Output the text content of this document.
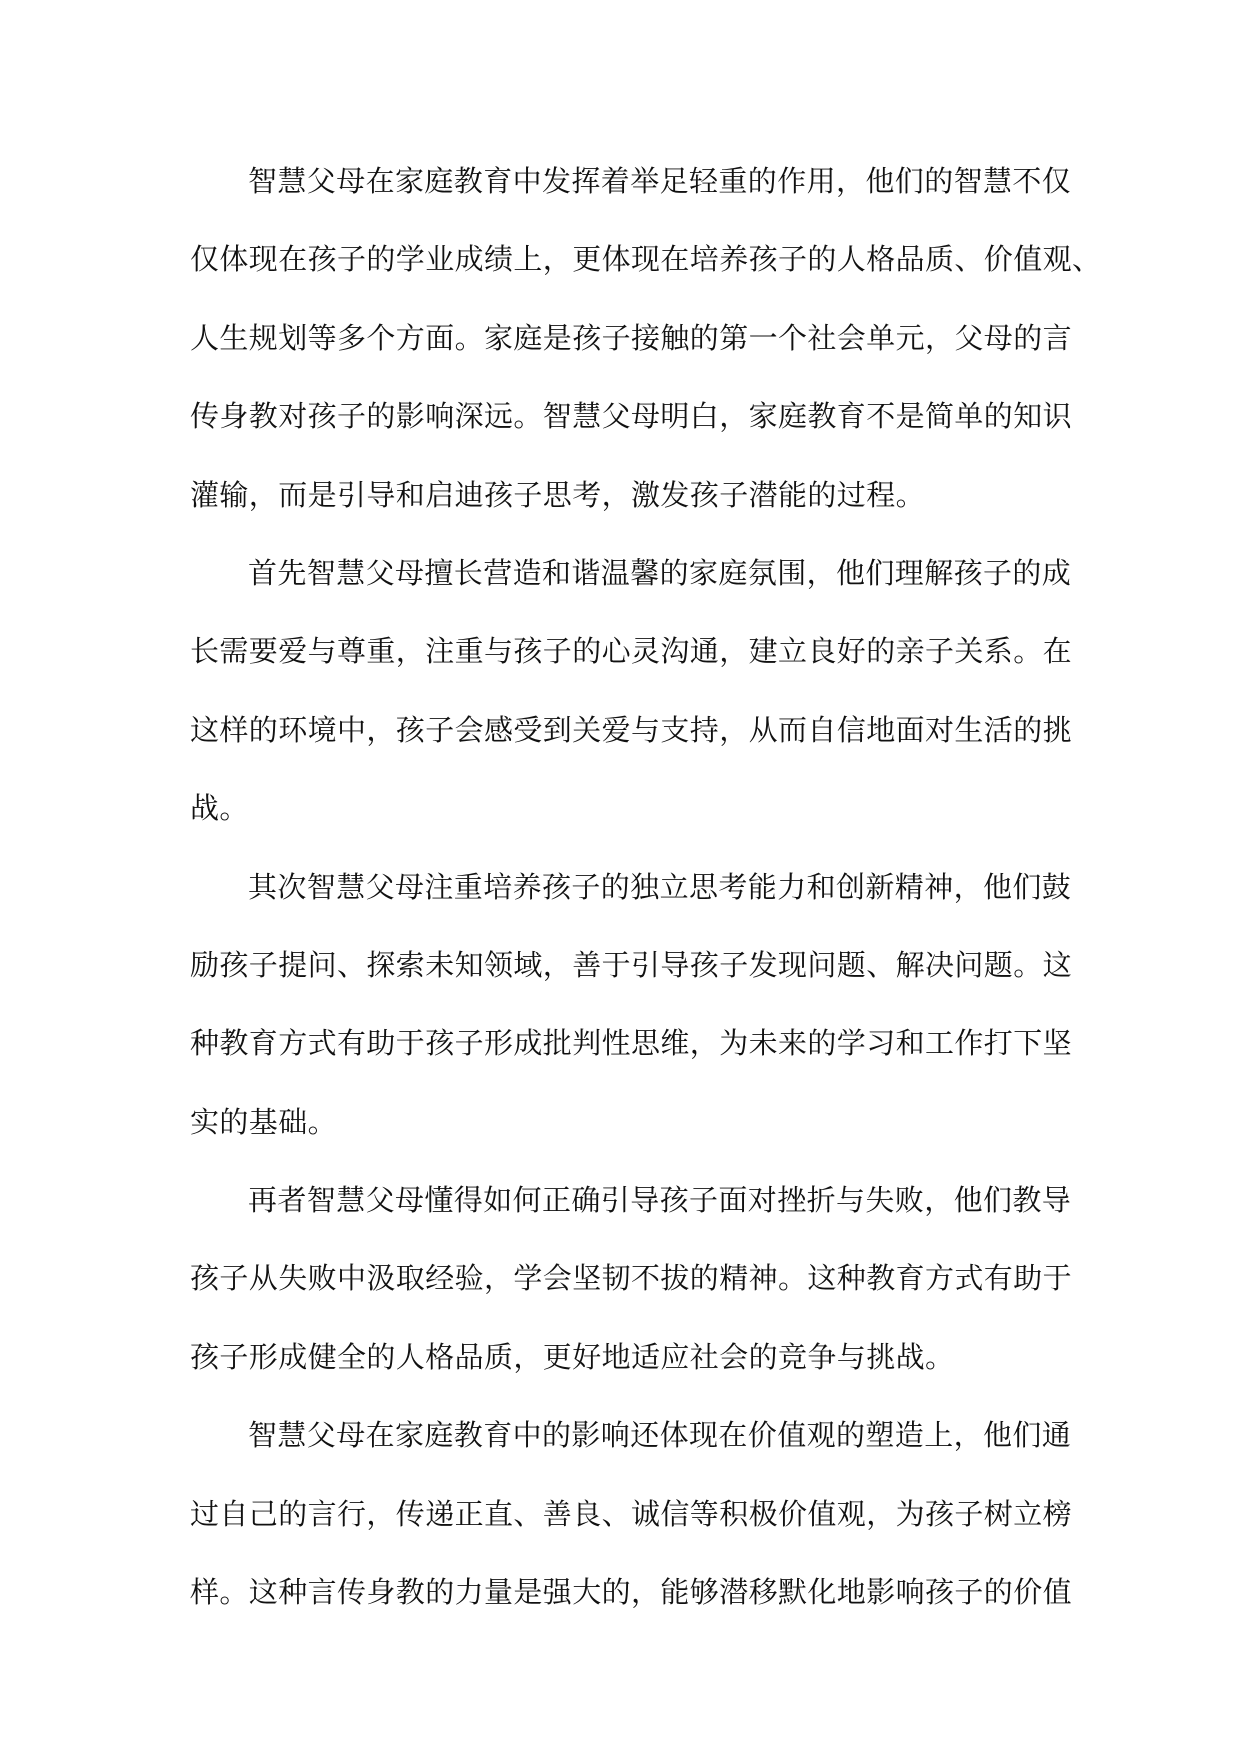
智慧父母在家庭教育中发挥着举足轻重的作用，他们的智慧不仅
仅体现在孩子的学业成绩上，更体现在培养孩子的人格品质、价值观、
人生规划等多个方面。家庭是孩子接触的第一个社会单元，父母的言
传身教对孩子的影响深远。智慧父母明白，家庭教育不是简单的知识
灌输，而是引导和启迪孩子思考，激发孩子潜能的过程。
首先智慧父母擅长营造和谐温馨的家庭氛围，他们理解孩子的成
长需要爱与尊重，注重与孩子的心灵沟通，建立良好的亲子关系。在
这样的环境中，孩子会感受到关爱与支持，从而自信地面对生活的挑
战。
其次智慧父母注重培养孩子的独立思考能力和创新精神，他们鼓
励孩子提问、探索未知领域，善于引导孩子发现问题、解决问题。这
种教育方式有助于孩子形成批判性思维，为未来的学习和工作打下坚
实的基础。
再者智慧父母懂得如何正确引导孩子面对挫折与失败，他们教导
孩子从失败中汲取经验，学会坚韧不拔的精神。这种教育方式有助于
孩子形成健全的人格品质，更好地适应社会的竞争与挑战。
智慧父母在家庭教育中的影响还体现在价值观的塑造上，他们通
过自己的言行，传递正直、善良、诚信等积极价值观，为孩子树立榜
样。这种言传身教的力量是强大的，能够潜移默化地影响孩子的价值
